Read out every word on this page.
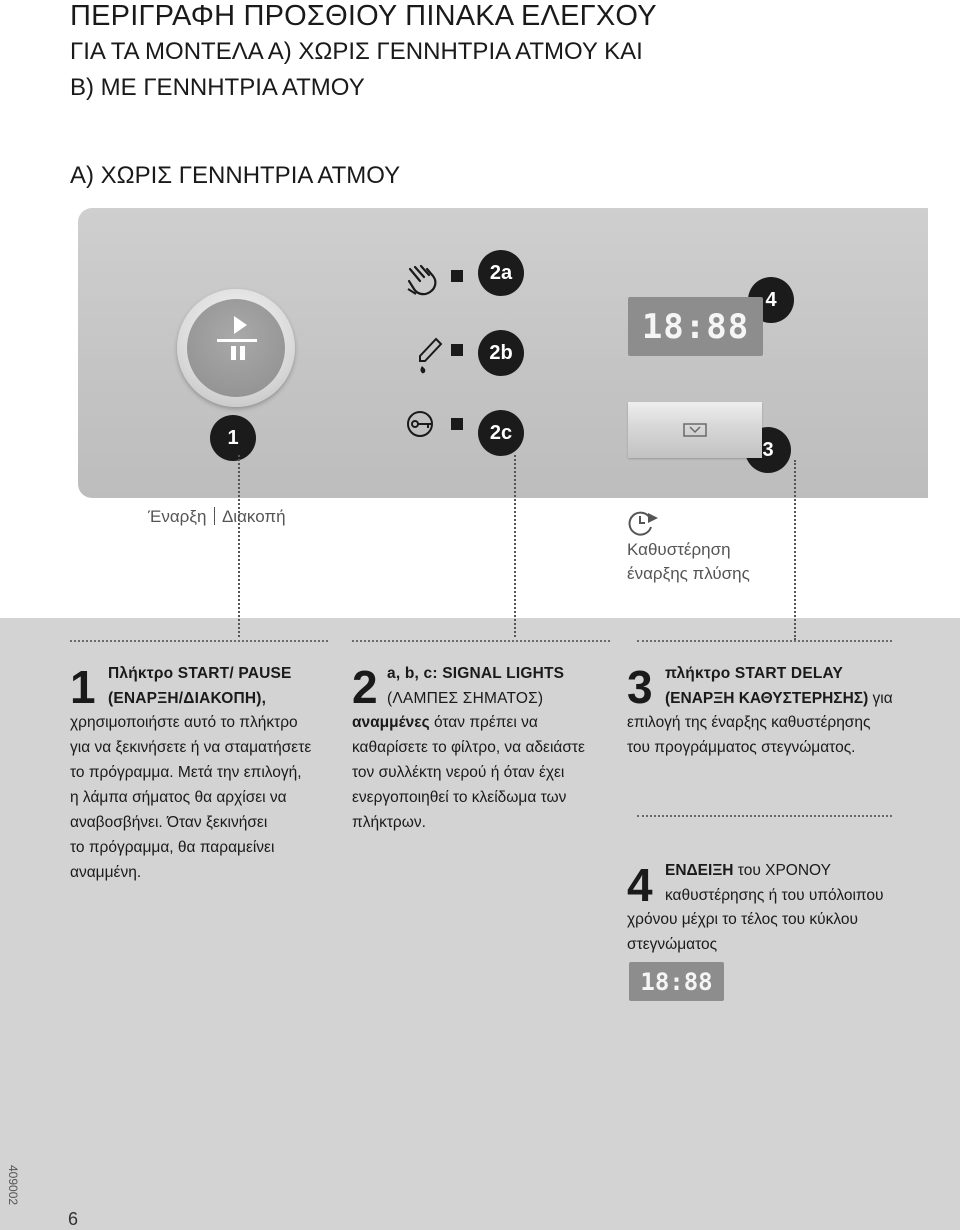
ΠΕΡΙΓΡΑΦΗ ΠΡΟΣΘΙΟΥ ΠΙΝΑΚΑ ΕΛΕΓΧΟΥ
ΓΙΑ ΤΑ ΜΟΝΤΕΛΑ Α) ΧΩΡΙΣ ΓΕΝΝΗΤΡΙΑ ΑΤΜΟΥ ΚΑΙ
Β) ΜΕ ΓΕΝΝΗΤΡΙΑ ΑΤΜΟΥ
Α) ΧΩΡΙΣ ΓΕΝΝΗΤΡΙΑ ΑΤΜΟΥ
1
2a
2b
2c
3
4
18:88
Έναρξη Διακοπή
Καθυστέρηση
έναρξης πλύσης
1 Πλήκτρο START/ PAUSE
(ΕΝΑΡΞΗ/ΔΙΑΚΟΠΗ),
χρησιμοποιήστε αυτό το πλήκτρο
για να ξεκινήσετε ή να σταματήσετε
το πρόγραμμα. Μετά την επιλογή,
η λάμπα σήματος θα αρχίσει να
αναβοσβήνει. Όταν ξεκινήσει
το πρόγραμμα, θα παραμείνει
αναμμένη.
2 a, b, c: SIGNAL LIGHTS
(ΛΑΜΠΕΣ ΣΗΜΑΤΟΣ)
αναμμένες όταν πρέπει να
καθαρίσετε το φίλτρο, να αδειάστε
τον συλλέκτη νερού ή όταν έχει
ενεργοποιηθεί το κλείδωμα των
πλήκτρων.
3 πλήκτρο START DELAY
(ΕΝΑΡΞΗ ΚΑΘΥΣΤΕΡΗΣΗΣ) για
επιλογή της έναρξης καθυστέρησης
του προγράμματος στεγνώματος.
4 ΕΝΔΕΙΞΗ του ΧΡΟΝΟΥ
καθυστέρησης ή του υπόλοιπου
χρόνου μέχρι το τέλος του κύκλου
στεγνώματος
18:88
409002
6
